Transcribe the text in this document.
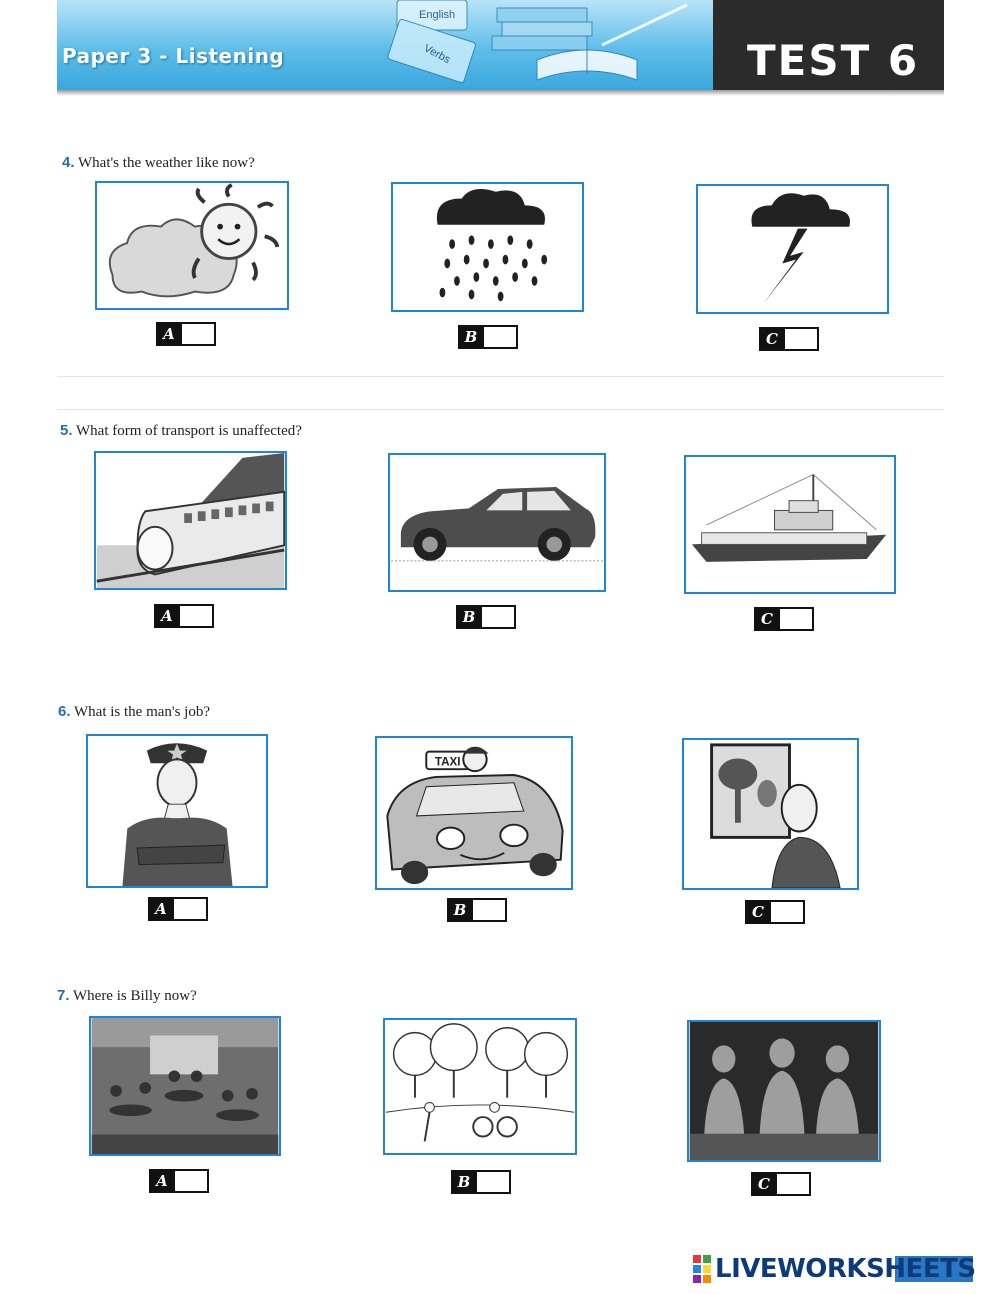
English
Verbs
Paper 3 - Listening	TEST 6
4. What's the weather like now?
A	B	C
5. What form of transport is unaffected?
A	B	C
6. What is the man's job?
A
TAXI
B	C
7. Where is Billy now?
A	B	C
LIVEWORKSHEETS
